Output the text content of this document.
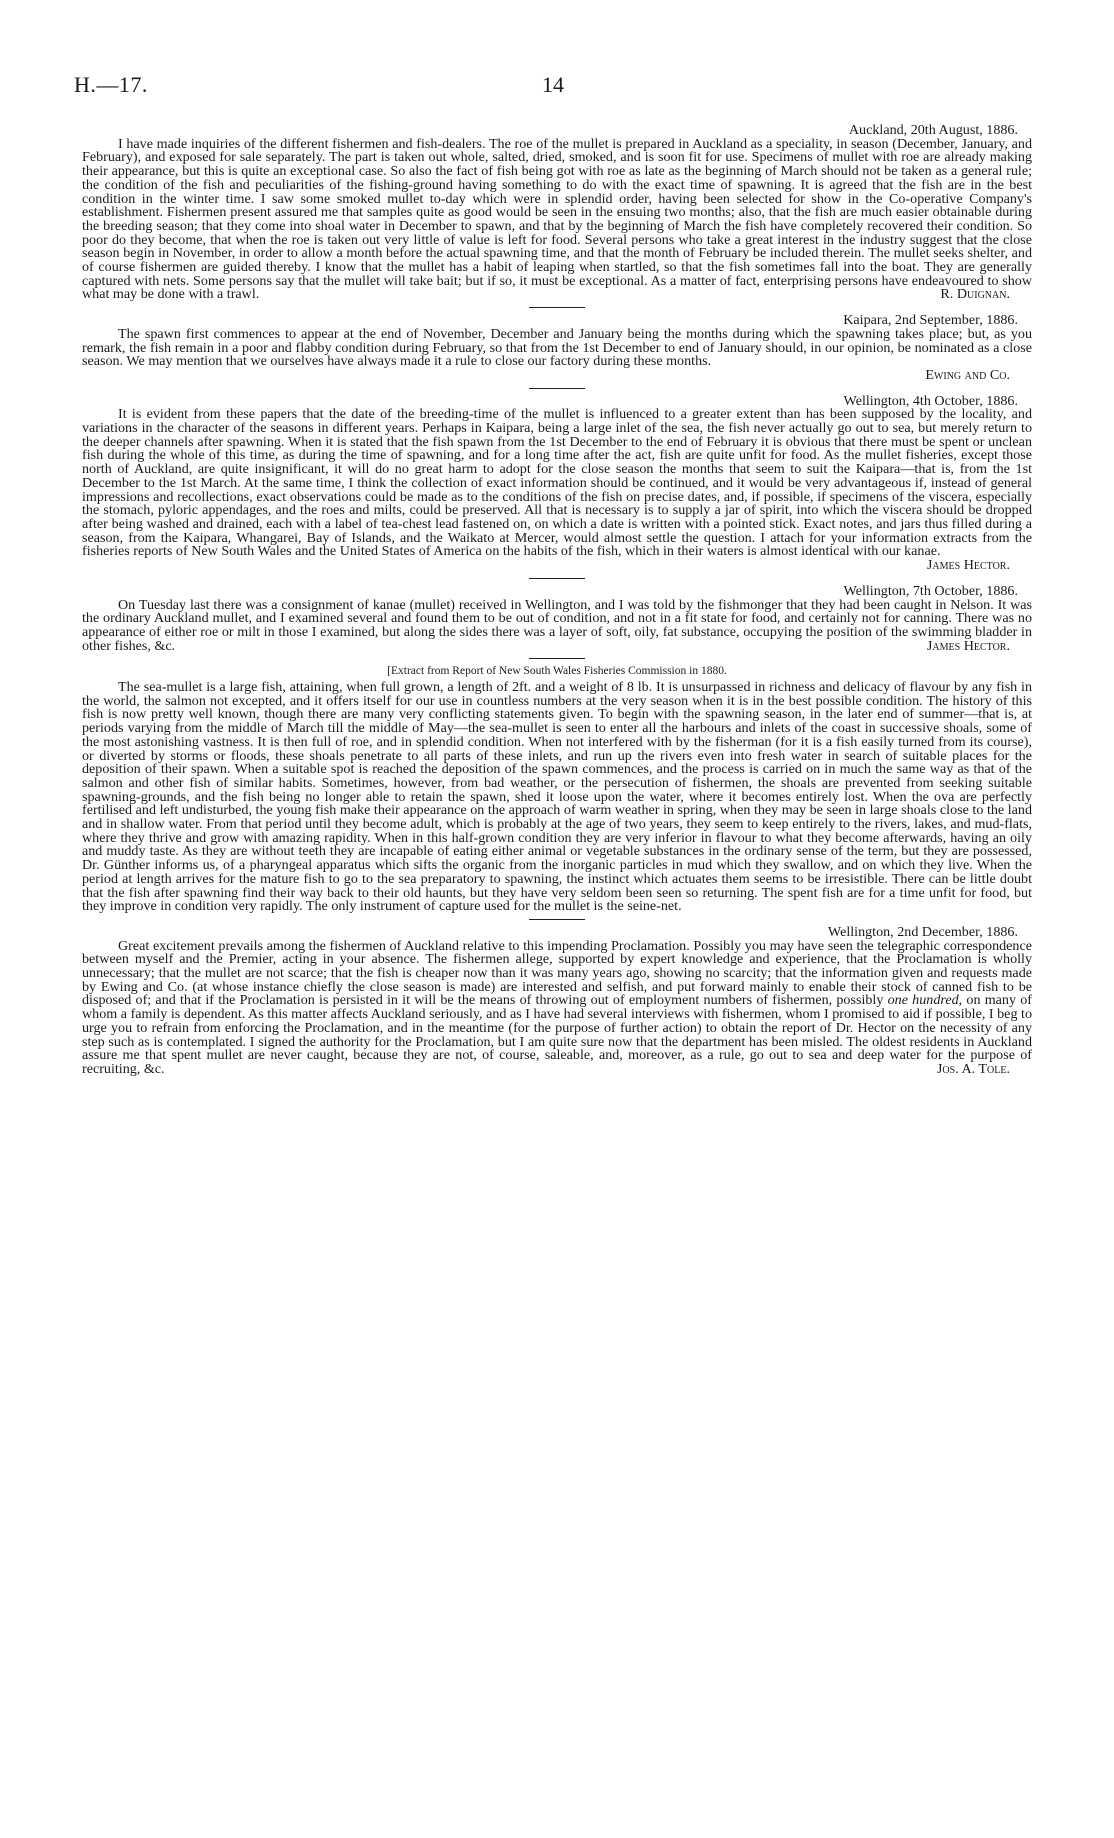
H.—17.	14

Auckland, 20th August, 1886.

I have made inquiries of the different fishermen and fish-dealers. The roe of the mullet is prepared in Auckland as a speciality, in season (December, January, and February), and exposed for sale separately. The part is taken out whole, salted, dried, smoked, and is soon fit for use. Specimens of mullet with roe are already making their appearance, but this is quite an exceptional case. So also the fact of fish being got with roe as late as the beginning of March should not be taken as a general rule; the condition of the fish and peculiarities of the fishing-ground having something to do with the exact time of spawning. It is agreed that the fish are in the best condition in the winter time. I saw some smoked mullet to-day which were in splendid order, having been selected for show in the Co-operative Company's establishment. Fishermen present assured me that samples quite as good would be seen in the ensuing two months; also, that the fish are much easier obtainable during the breeding season; that they come into shoal water in December to spawn, and that by the beginning of March the fish have completely recovered their condition. So poor do they become, that when the roe is taken out very little of value is left for food. Several persons who take a great interest in the industry suggest that the close season begin in November, in order to allow a month before the actual spawning time, and that the month of February be included therein. The mullet seeks shelter, and of course fishermen are guided thereby. I know that the mullet has a habit of leaping when startled, so that the fish sometimes fall into the boat. They are generally captured with nets. Some persons say that the mullet will take bait; but if so, it must be exceptional. As a matter of fact, enterprising persons have endeavoured to show what may be done with a trawl.	R. Duignan.

Kaipara, 2nd September, 1886.

The spawn first commences to appear at the end of November, December and January being the months during which the spawning takes place; but, as you remark, the fish remain in a poor and flabby condition during February, so that from the 1st December to end of January should, in our opinion, be nominated as a close season. We may mention that we ourselves have always made it a rule to close our factory during these months.

Ewing and Co.

Wellington, 4th October, 1886.

It is evident from these papers that the date of the breeding-time of the mullet is influenced to a greater extent than has been supposed by the locality, and variations in the character of the seasons in different years. Perhaps in Kaipara, being a large inlet of the sea, the fish never actually go out to sea, but merely return to the deeper channels after spawning. When it is stated that the fish spawn from the 1st December to the end of February it is obvious that there must be spent or unclean fish during the whole of this time, as during the time of spawning, and for a long time after the act, fish are quite unfit for food. As the mullet fisheries, except those north of Auckland, are quite insignificant, it will do no great harm to adopt for the close season the months that seem to suit the Kaipara—that is, from the 1st December to the 1st March. At the same time, I think the collection of exact information should be continued, and it would be very advantageous if, instead of general impressions and recollections, exact observations could be made as to the conditions of the fish on precise dates, and, if possible, if specimens of the viscera, especially the stomach, pyloric appendages, and the roes and milts, could be preserved. All that is necessary is to supply a jar of spirit, into which the viscera should be dropped after being washed and drained, each with a label of tea-chest lead fastened on, on which a date is written with a pointed stick. Exact notes, and jars thus filled during a season, from the Kaipara, Whangarei, Bay of Islands, and the Waikato at Mercer, would almost settle the question. I attach for your information extracts from the fisheries reports of New South Wales and the United States of America on the habits of the fish, which in their waters is almost identical with our kanae.
James Hector.

Wellington, 7th October, 1886.

On Tuesday last there was a consignment of kanae (mullet) received in Wellington, and I was told by the fishmonger that they had been caught in Nelson. It was the ordinary Auckland mullet, and I examined several and found them to be out of condition, and not in a fit state for food, and certainly not for canning. There was no appearance of either roe or milt in those I examined, but along the sides there was a layer of soft, oily, fat substance, occupying the position of the swimming bladder in other fishes, &c.	James Hector.

[Extract from Report of New South Wales Fisheries Commission in 1880.

The sea-mullet is a large fish, attaining, when full grown, a length of 2ft. and a weight of 8 lb. It is unsurpassed in richness and delicacy of flavour by any fish in the world, the salmon not excepted, and it offers itself for our use in countless numbers at the very season when it is in the best possible condition. The history of this fish is now pretty well known, though there are many very conflicting statements given. To begin with the spawning season, in the later end of summer—that is, at periods varying from the middle of March till the middle of May—the sea-mullet is seen to enter all the harbours and inlets of the coast in successive shoals, some of the most astonishing vastness. It is then full of roe, and in splendid condition. When not interfered with by the fisherman (for it is a fish easily turned from its course), or diverted by storms or floods, these shoals penetrate to all parts of these inlets, and run up the rivers even into fresh water in search of suitable places for the deposition of their spawn. When a suitable spot is reached the deposition of the spawn commences, and the process is carried on in much the same way as that of the salmon and other fish of similar habits. Sometimes, however, from bad weather, or the persecution of fishermen, the shoals are prevented from seeking suitable spawning-grounds, and the fish being no longer able to retain the spawn, shed it loose upon the water, where it becomes entirely lost. When the ova are perfectly fertilised and left undisturbed, the young fish make their appearance on the approach of warm weather in spring, when they may be seen in large shoals close to the land and in shallow water. From that period until they become adult, which is probably at the age of two years, they seem to keep entirely to the rivers, lakes, and mud-flats, where they thrive and grow with amazing rapidity. When in this half-grown condition they are very inferior in flavour to what they become afterwards, having an oily and muddy taste. As they are without teeth they are incapable of eating either animal or vegetable substances in the ordinary sense of the term, but they are possessed, Dr. Günther informs us, of a pharyngeal apparatus which sifts the organic from the inorganic particles in mud which they swallow, and on which they live. When the period at length arrives for the mature fish to go to the sea preparatory to spawning, the instinct which actuates them seems to be irresistible. There can be little doubt that the fish after spawning find their way back to their old haunts, but they have very seldom been seen so returning. The spent fish are for a time unfit for food, but they improve in condition very rapidly. The only instrument of capture used for the mullet is the seine-net.

Wellington, 2nd December, 1886.

Great excitement prevails among the fishermen of Auckland relative to this impending Proclamation. Possibly you may have seen the telegraphic correspondence between myself and the Premier, acting in your absence. The fishermen allege, supported by expert knowledge and experience, that the Proclamation is wholly unnecessary; that the mullet are not scarce; that the fish is cheaper now than it was many years ago, showing no scarcity; that the information given and requests made by Ewing and Co. (at whose instance chiefly the close season is made) are interested and selfish, and put forward mainly to enable their stock of canned fish to be disposed of; and that if the Proclamation is persisted in it will be the means of throwing out of employment numbers of fishermen, possibly one hundred, on many of whom a family is dependent. As this matter affects Auckland seriously, and as I have had several interviews with fishermen, whom I promised to aid if possible, I beg to urge you to refrain from enforcing the Proclamation, and in the meantime (for the purpose of further action) to obtain the report of Dr. Hector on the necessity of any step such as is contemplated. I signed the authority for the Proclamation, but I am quite sure now that the department has been misled. The oldest residents in Auckland assure me that spent mullet are never caught, because they are not, of course, saleable, and, moreover, as a rule, go out to sea and deep water for the purpose of recruiting, &c.	Jos. A. Tole.
